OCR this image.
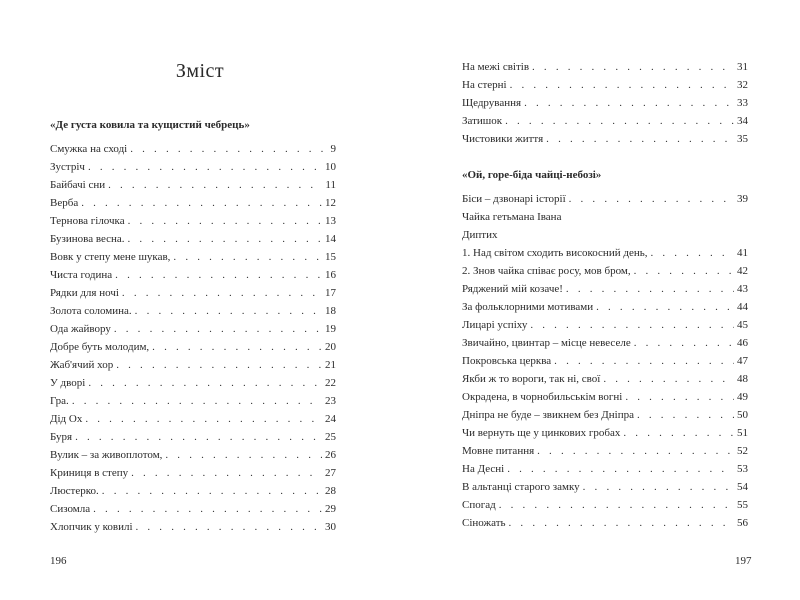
Зміст
«Де густа ковила та кущистий чебрець»
Смужка на сході . . .	9
Зустріч . . .	10
Байбачі сни . . .	11
Верба . . .	12
Тернова гілочка . . .	13
Бузинова весна. . . .	14
Вовк у степу мене шукав, . . .	15
Чиста година . . .	16
Рядки для ночі . . .	17
Золота соломина. . . .	18
Ода жайвору . . .	19
Добре буть молодим, . . .	20
Жаб'ячий хор . . .	21
У дворі . . .	22
Гра. . . .	23
Дід Ох . . .	24
Буря . . .	25
Вулик – за живоплотом, . . .	26
Криниця в степу . . .	27
Люстерко. . . .	28
Сизомла . . .	29
Хлопчик у ковилі . . .	30
196
На межі світів . . .	31
На стерні . . .	32
Щедрування . . .	33
Затишок . . .	34
Чистовики життя . . .	35
«Ой, горе-біда чайці-небозі»
Біси – дзвонарі історії . . .	39
Чайка гетьмана Івана
Диптих
1. Над світом сходить високосний день, . . .	41
2. Знов чайка співає росу, мов бром, . . .	42
Ряджений мій козаче! . . .	43
За фольклорними мотивами . . .	44
Лицарі успіху . . .	45
Звичайно, цвинтар – місце невеселе . . .	46
Покровська церква . . .	47
Якби ж то вороги, так ні, свої . . .	48
Окрадена, в чорнобильськім вогні . . .	49
Дніпра не буде – звикнем без Дніпра . . .	50
Чи вернуть ще у цинкових гробах . . .	51
Мовне питання . . .	52
На Десні . . .	53
В альтанці старого замку . . .	54
Спогад . . .	55
Сіножать . . .	56
197
